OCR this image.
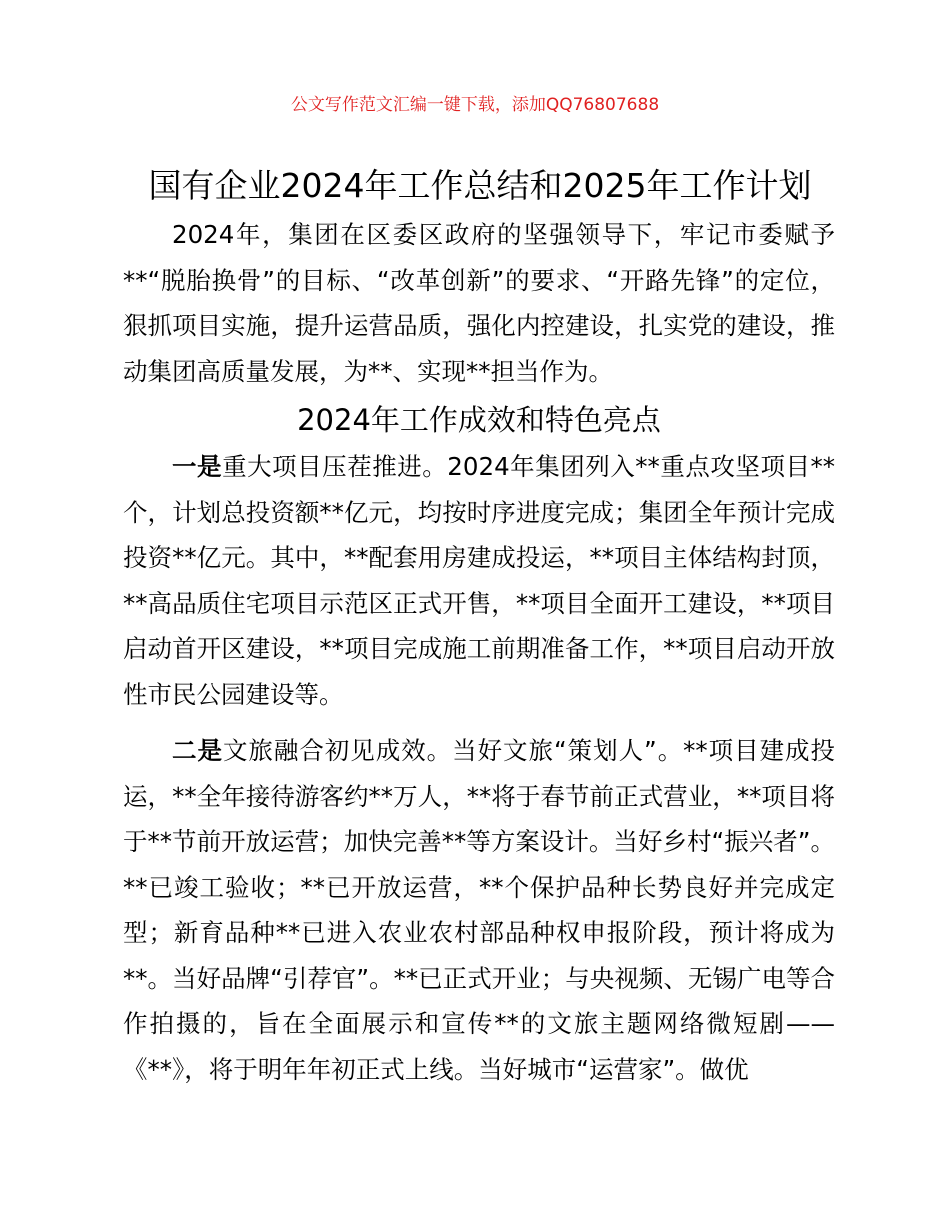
公文写作范文汇编一键下载，添加QQ76807688
国有企业2024年工作总结和2025年工作计划

2024年，集团在区委区政府的坚强领导下，牢记市委赋予**“脱胎换骨”的目标、“改革创新”的要求、“开路先锋”的定位，狠抓项目实施，提升运营品质，强化内控建设，扎实党的建设，推动集团高质量发展，为**、实现**担当作为。

2024年工作成效和特色亮点

一是重大项目压茬推进。2024年集团列入**重点攻坚项目**个，计划总投资额**亿元，均按时序进度完成；集团全年预计完成投资**亿元。其中，**配套用房建成投运，**项目主体结构封顶，**高品质住宅项目示范区正式开售，**项目全面开工建设，**项目启动首开区建设，**项目完成施工前期准备工作，**项目启动开放性市民公园建设等。

二是文旅融合初见成效。当好文旅“策划人”。**项目建成投运，**全年接待游客约**万人，**将于春节前正式营业，**项目将于**节前开放运营；加快完善**等方案设计。当好乡村“振兴者”。**已竣工验收；**已开放运营，**个保护品种长势良好并完成定型；新育品种**已进入农业农村部品种权申报阶段，预计将成为**。当好品牌“引荐官”。**已正式开业；与央视频、无锡广电等合作拍摄的，旨在全面展示和宣传**的文旅主题网络微短剧——《**》，将于明年年初正式上线。当好城市“运营家”。做优
